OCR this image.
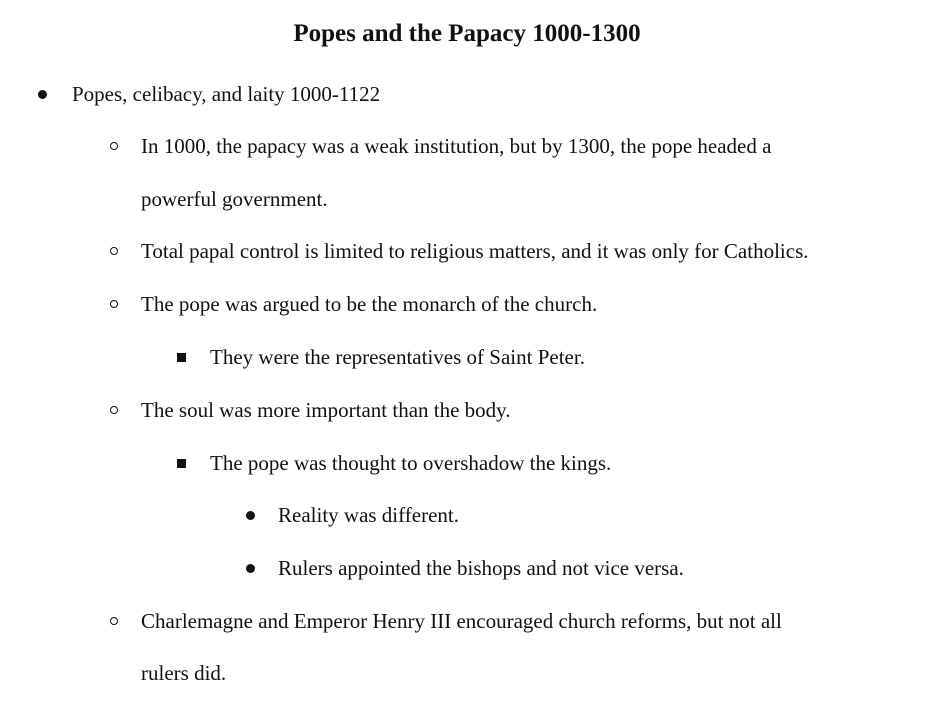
Popes and the Papacy 1000-1300
Popes, celibacy, and laity 1000-1122
In 1000, the papacy was a weak institution, but by 1300, the pope headed a
powerful government.
Total papal control is limited to religious matters, and it was only for Catholics.
The pope was argued to be the monarch of the church.
They were the representatives of Saint Peter.
The soul was more important than the body.
The pope was thought to overshadow the kings.
Reality was different.
Rulers appointed the bishops and not vice versa.
Charlemagne and Emperor Henry III encouraged church reforms, but not all
rulers did.
